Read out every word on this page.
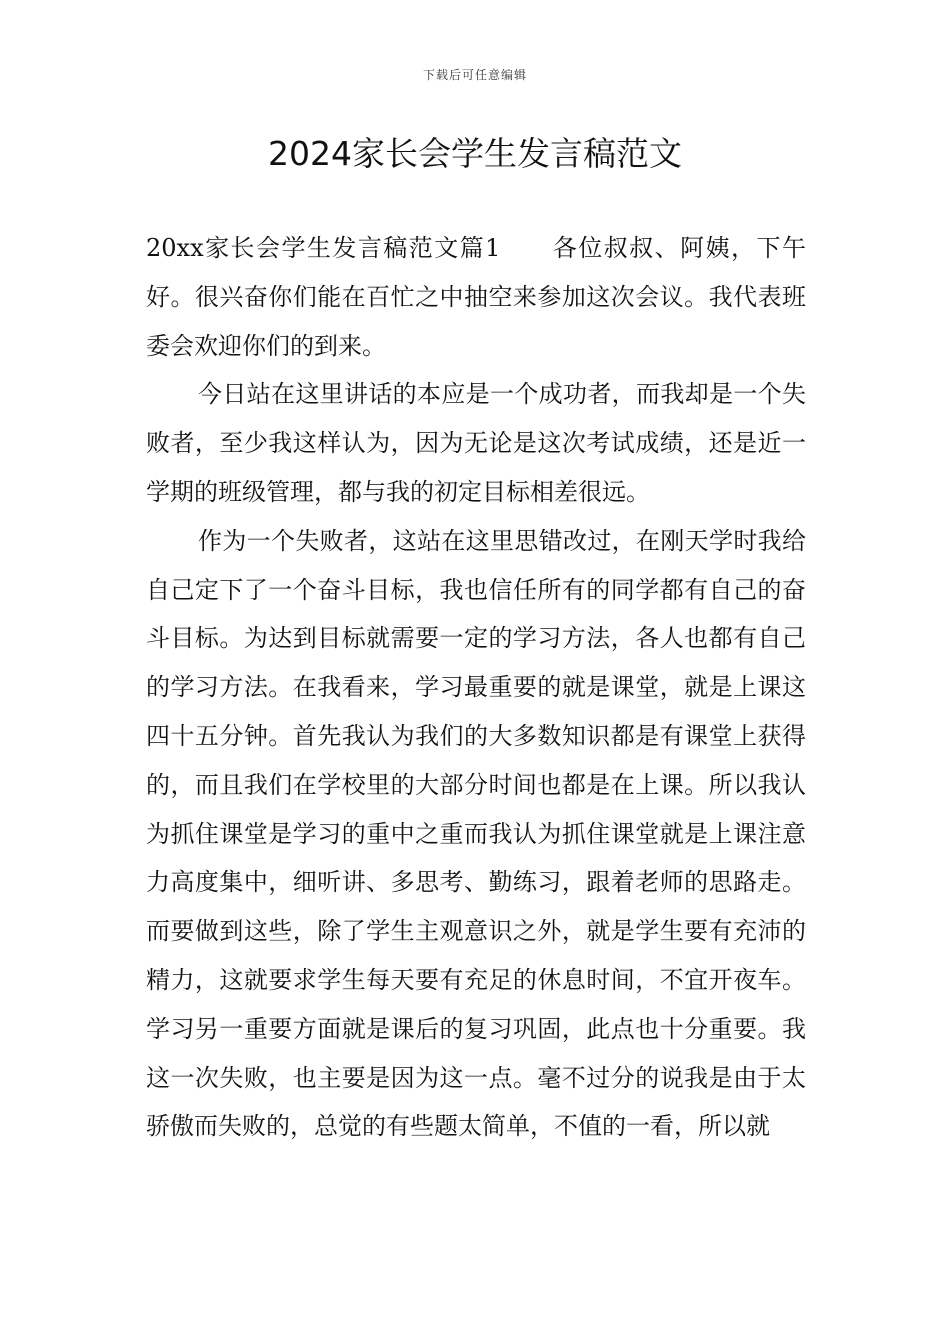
下载后可任意编辑
2024家长会学生发言稿范文

20xx家长会学生发言稿范文篇1　　各位叔叔、阿姨，下午好。很兴奋你们能在百忙之中抽空来参加这次会议。我代表班委会欢迎你们的到来。

今日站在这里讲话的本应是一个成功者，而我却是一个失败者，至少我这样认为，因为无论是这次考试成绩，还是近一学期的班级管理，都与我的初定目标相差很远。

作为一个失败者，这站在这里思错改过，在刚天学时我给自己定下了一个奋斗目标，我也信任所有的同学都有自己的奋斗目标。为达到目标就需要一定的学习方法，各人也都有自己的学习方法。在我看来，学习最重要的就是课堂，就是上课这四十五分钟。首先我认为我们的大多数知识都是有课堂上获得的，而且我们在学校里的大部分时间也都是在上课。所以我认为抓住课堂是学习的重中之重而我认为抓住课堂就是上课注意力高度集中，细听讲、多思考、勤练习，跟着老师的思路走。而要做到这些，除了学生主观意识之外，就是学生要有充沛的精力，这就要求学生每天要有充足的休息时间，不宜开夜车。学习另一重要方面就是课后的复习巩固，此点也十分重要。我这一次失败，也主要是因为这一点。毫不过分的说我是由于太骄傲而失败的，总觉的有些题太简单，不值的一看，所以就
